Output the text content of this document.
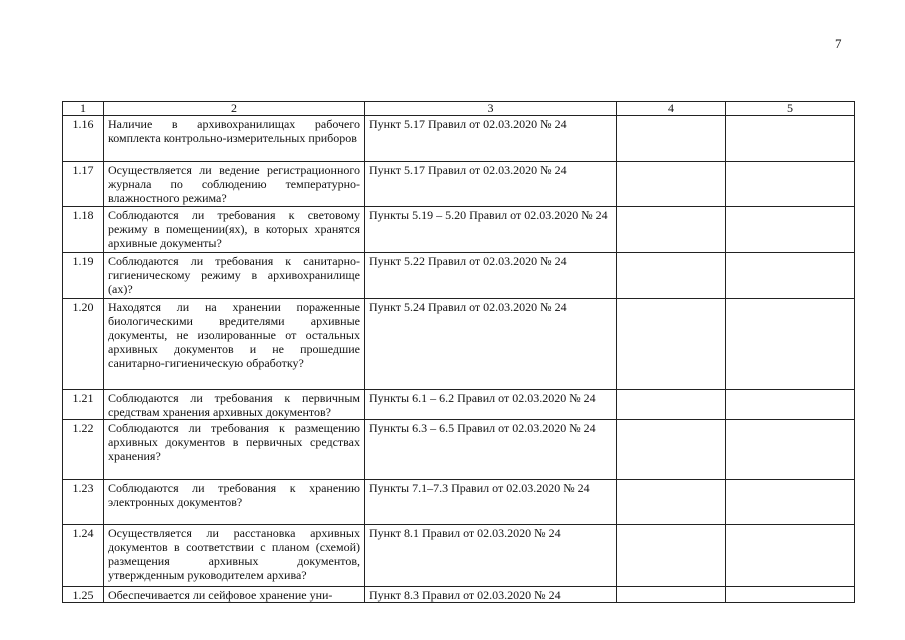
7
1	2	3	4	5
1.16	Наличие в архивохранилищах рабочего комплекта контрольно-измерительных приборов	Пункт 5.17 Правил от 02.03.2020 № 24		
1.17	Осуществляется ли ведение регистрационного журнала по соблюдению температурно-влажностного режима?	Пункт 5.17 Правил от 02.03.2020 № 24		
1.18	Соблюдаются ли требования к световому режиму в помещении(ях), в которых хранятся архивные документы?	Пункты 5.19 – 5.20 Правил от 02.03.2020 № 24		
1.19	Соблюдаются ли требования к санитарно-гигиеническому режиму в архивохранилище (ах)?	Пункт 5.22 Правил от 02.03.2020 № 24		
1.20	Находятся ли на хранении пораженные биологическими вредителями архивные документы, не изолированные от остальных архивных документов и не прошедшие санитарно-гигиеническую обработку?	Пункт 5.24 Правил от 02.03.2020 № 24		
1.21	Соблюдаются ли требования к первичным средствам хранения архивных документов?	Пункты 6.1 – 6.2 Правил от 02.03.2020 № 24		
1.22	Соблюдаются ли требования к размещению архивных документов в первичных средствах хранения?	Пункты 6.3 – 6.5 Правил от 02.03.2020 № 24		
1.23	Соблюдаются ли требования к хранению электронных документов?	Пункты 7.1–7.3 Правил от 02.03.2020 № 24		
1.24	Осуществляется ли расстановка архивных документов в соответствии с планом (схемой) размещения архивных документов, утвержденным руководителем архива?	Пункт 8.1 Правил от 02.03.2020 № 24		
1.25	Обеспечивается ли сейфовое хранение уни-	Пункт 8.3 Правил от 02.03.2020 № 24		
